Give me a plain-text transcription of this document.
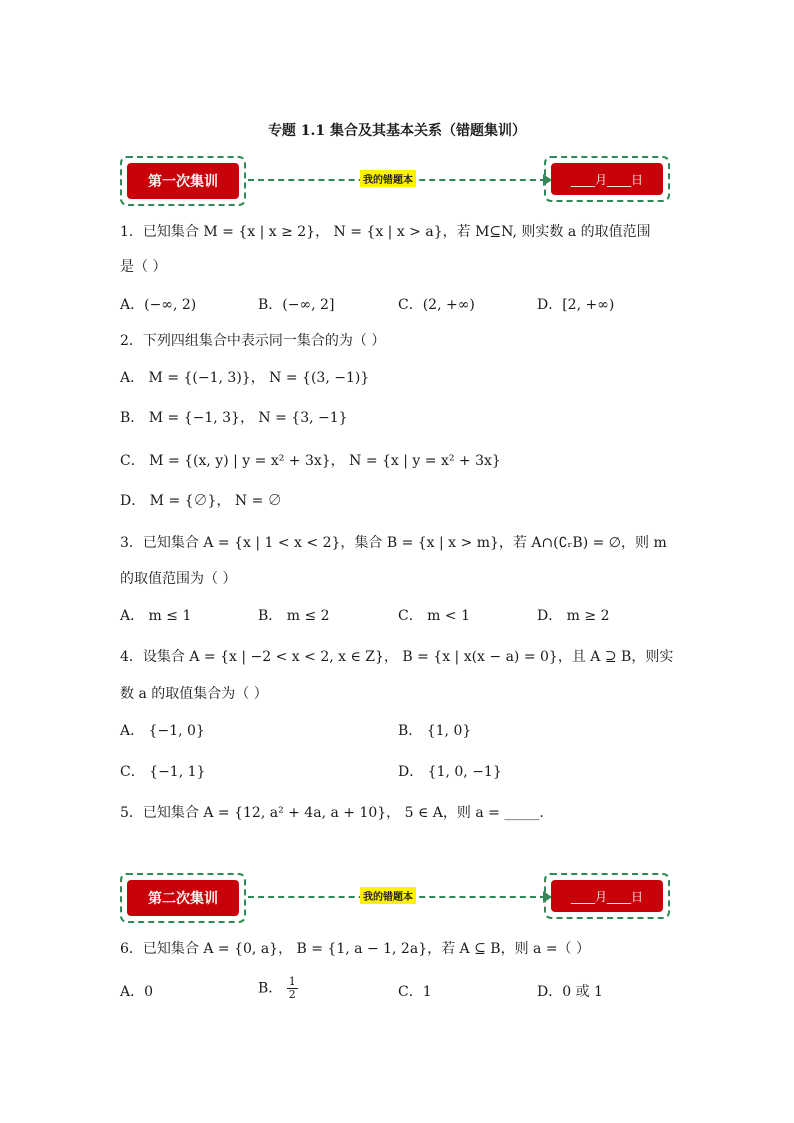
专题 1.1 集合及其基本关系（错题集训）
第一次集训	我的错题本	____月____日
1．已知集合 M = {x | x ≥ 2}， N = {x | x > a}，若 M⊆N, 则实数 a 的取值范围
是（ ）
A．(−∞, 2)	B．(−∞, 2]	C．(2, +∞)	D．[2, +∞)
2．下列四组集合中表示同一集合的为（ ）
A． M = {(−1, 3)}， N = {(3, −1)}
B． M = {−1, 3}， N = {3, −1}
C． M = {(x, y) | y = x² + 3x}， N = {x | y = x² + 3x}
D． M = {∅}， N = ∅
3．已知集合 A = {x | 1 < x < 2}，集合 B = {x | x > m}，若 A∩(∁ᵣB) = ∅，则 m
的取值范围为（ ）
A． m ≤ 1	B． m ≤ 2	C． m < 1	D． m ≥ 2
4．设集合 A = {x | −2 < x < 2, x ∈ Z}， B = {x | x(x − a) = 0}，且 A ⊇ B，则实
数 a 的取值集合为（ ）
A． {−1, 0}	B． {1, 0}
C． {−1, 1}	D． {1, 0, −1}
5．已知集合 A = {12, a² + 4a, a + 10}， 5 ∈ A，则 a = _____.
第二次集训	我的错题本	____月____日
6．已知集合 A = {0, a}， B = {1, a − 1, 2a}，若 A ⊆ B，则 a =（ ）
A．0	B． $\frac{1}{2}$	C．1	D．0 或 1
